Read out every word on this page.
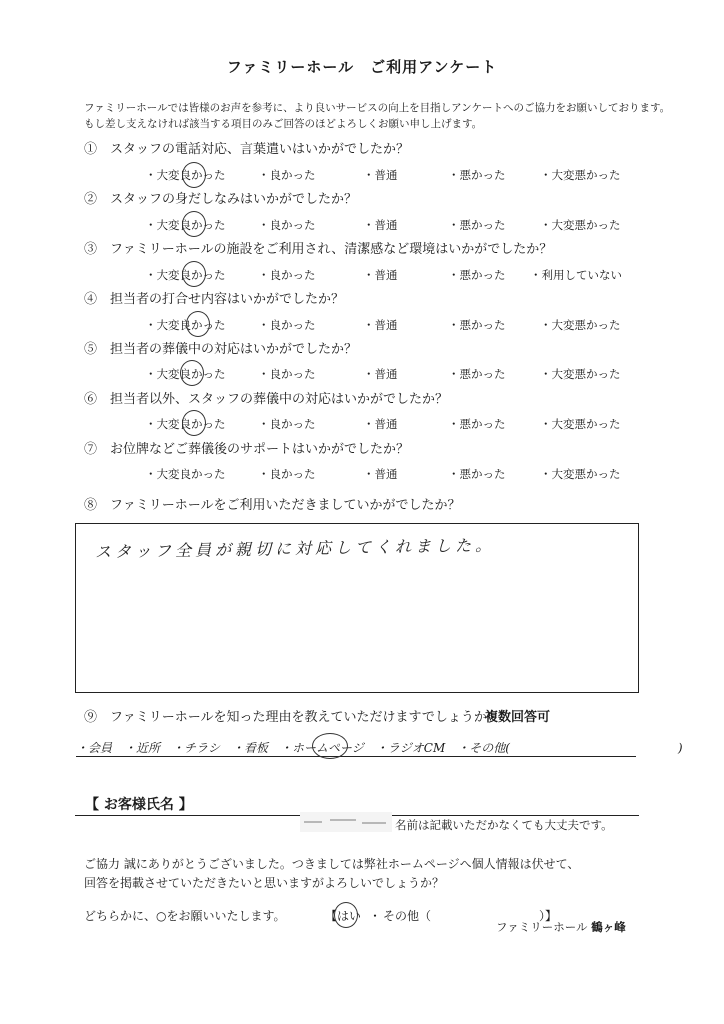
ファミリーホール　ご利用アンケート
ファミリーホールでは皆様のお声を参考に、より良いサービスの向上を目指しアンケートへのご協力をお願いしております。
もし差し支えなければ該当する項目のみご回答のほどよろしくお願い申し上げます。
①　スタッフの電話対応、言葉遣いはいかがでしたか？
・大変良かった	・良かった	・普通	・悪かった	・大変悪かった
②　スタッフの身だしなみはいかがでしたか？
・大変良かった	・良かった	・普通	・悪かった	・大変悪かった
③　ファミリーホールの施設をご利用され、清潔感など環境はいかがでしたか？
・大変良かった	・良かった	・普通	・悪かった ・利用していない
④　担当者の打合せ内容はいかがでしたか？
・大変良かった	・良かった	・普通	・悪かった	・大変悪かった
⑤　担当者の葬儀中の対応はいかがでしたか？
・大変良かった	・良かった	・普通	・悪かった	・大変悪かった
⑥　担当者以外、スタッフの葬儀中の対応はいかがでしたか？
・大変良かった	・良かった	・普通	・悪かった	・大変悪かった
⑦　お位牌などご葬儀後のサポートはいかがでしたか？
・大変良かった	・良かった	・普通	・悪かった	・大変悪かった
⑧　ファミリーホールをご利用いただきましていかがでしたか？
スタッフ全員が親切に対応してくれました。
⑨　ファミリーホールを知った理由を教えていただけますでしょうか。
複数回答可
・会員　・近所　・チラシ　・看板　・ホームページ　・ラジオCM　・その他(　　　　　　　　　　　　　　)
【 お客様氏名 】
名前は記載いただかなくても大丈夫です。
ご協力 誠にありがとうございました。つきましては弊社ホームページへ個人情報は伏せて、
回答を掲載させていただきたいと思いますがよろしいでしょうか？
どちらかに、○をお願いいたします。	【はい ・ その他（　　　　　　　　　）】
ファミリーホール 鶴ヶ峰
